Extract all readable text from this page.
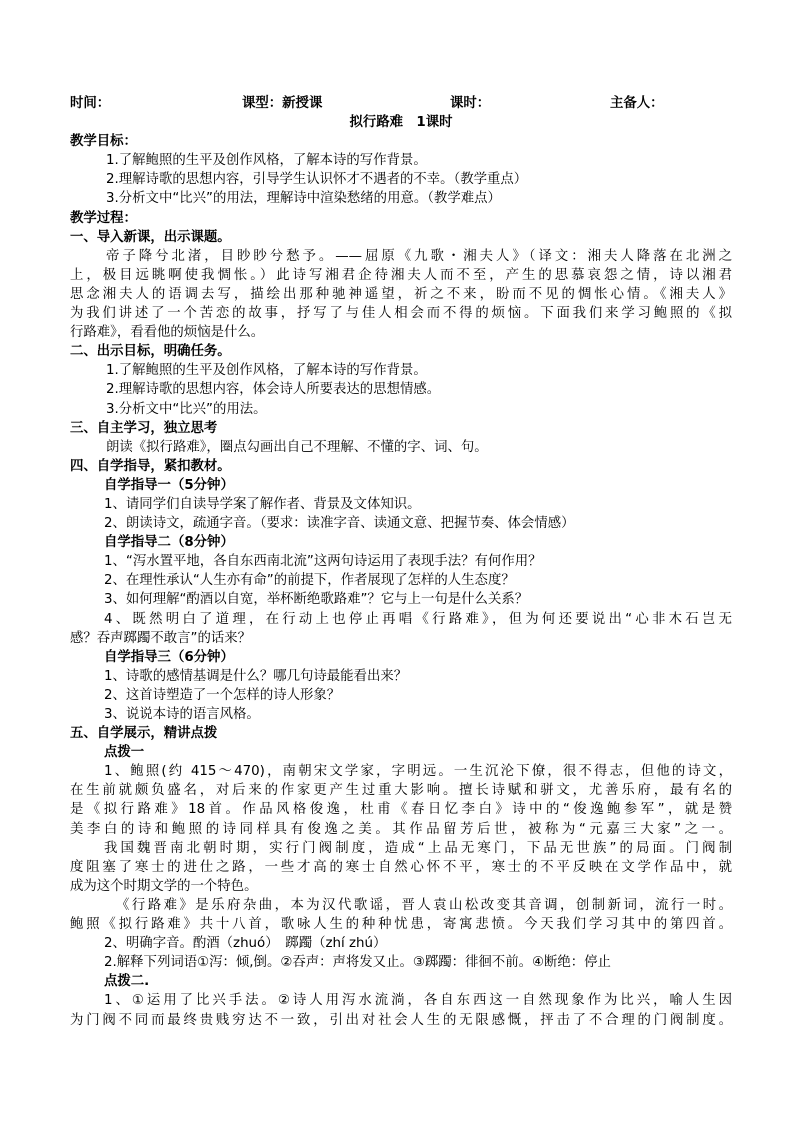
时间：	课型：新授课	课时：	主备人：
拟行路难　1课时
教学目标：
1.了解鲍照的生平及创作风格，了解本诗的写作背景。
2.理解诗歌的思想内容，引导学生认识怀才不遇者的不幸。（教学重点）
3.分析文中“比兴”的用法，理解诗中渲染愁绪的用意。（教学难点）
教学过程：
一、导入新课，出示课题。
帝子降兮北渚，目眇眇兮愁予。——屈原《九歌・湘夫人》（译文：湘夫人降落在北洲之
上，极目远眺啊使我惆怅。）此诗写湘君企待湘夫人而不至，产生的思慕哀怨之情，诗以湘君
思念湘夫人的语调去写，描绘出那种驰神遥望，祈之不来，盼而不见的惆怅心情。《湘夫人》
为我们讲述了一个苦恋的故事，抒写了与佳人相会而不得的烦恼。下面我们来学习鲍照的《拟
行路难》，看看他的烦恼是什么。
二、出示目标，明确任务。
1.了解鲍照的生平及创作风格，了解本诗的写作背景。
2.理解诗歌的思想内容，体会诗人所要表达的思想情感。
3.分析文中“比兴”的用法。
三、自主学习，独立思考
朗读《拟行路难》，圈点勾画出自己不理解、不懂的字、词、句。
四、自学指导，紧扣教材。
自学指导一（5分钟）
1、请同学们自读导学案了解作者、背景及文体知识。
2、朗读诗文，疏通字音。（要求：读准字音、读通文意、把握节奏、体会情感）
自学指导二（8分钟）
1、“泻水置平地，各自东西南北流”这两句诗运用了表现手法？有何作用？
2、在理性承认“人生亦有命”的前提下，作者展现了怎样的人生态度？
3、如何理解“酌酒以自宽，举杯断绝歌路难”？它与上一句是什么关系？
4、既然明白了道理，在行动上也停止再唱《行路难》，但为何还要说出“心非木石岂无
感？吞声踯躅不敢言”的话来？
自学指导三（6分钟）
1、诗歌的感情基调是什么？哪几句诗最能看出来？
2、这首诗塑造了一个怎样的诗人形象？
3、说说本诗的语言风格。
五、自学展示，精讲点拨
点拨一
1、鲍照(约 415～470)，南朝宋文学家，字明远。一生沉沦下僚，很不得志，但他的诗文，
在生前就颇负盛名，对后来的作家更产生过重大影响。擅长诗赋和骈文，尤善乐府，最有名的
是《拟行路难》18首。作品风格俊逸，杜甫《春日忆李白》诗中的“俊逸鲍参军”，就是赞
美李白的诗和鲍照的诗同样具有俊逸之美。其作品留芳后世，被称为“元嘉三大家”之一。
我国魏晋南北朝时期，实行门阀制度，造成“上品无寒门，下品无世族”的局面。门阀制
度阻塞了寒士的进仕之路，一些才高的寒士自然心怀不平，寒士的不平反映在文学作品中，就
成为这个时期文学的一个特色。
《行路难》是乐府杂曲，本为汉代歌谣，晋人袁山松改变其音调，创制新词，流行一时。
鲍照《拟行路难》共十八首，歌咏人生的种种忧患，寄寓悲愤。今天我们学习其中的第四首。
2、明确字音。酌酒（zhuó）　踯躅（zhí zhú）
2.解释下列词语①泻：倾,倒。②吞声：声将发又止。③踯躅：徘徊不前。④断绝：停止
点拨二.
1、①运用了比兴手法。②诗人用泻水流淌，各自东西这一自然现象作为比兴，喻人生因
为门阀不同而最终贵贱穷达不一致，引出对社会人生的无限感慨，抨击了不合理的门阀制度。
